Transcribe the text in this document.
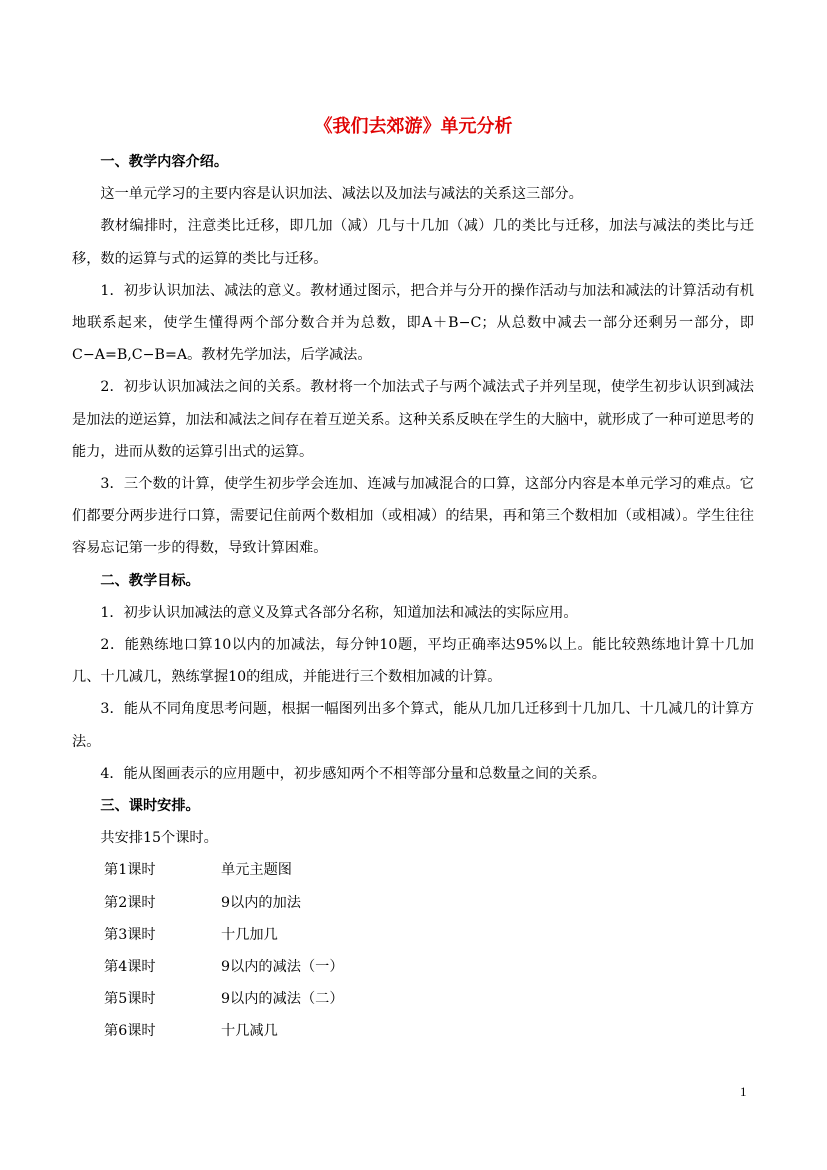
《我们去郊游》单元分析

一、教学内容介绍。

这一单元学习的主要内容是认识加法、减法以及加法与减法的关系这三部分。

教材编排时，注意类比迁移，即几加（减）几与十几加（减）几的类比与迁移，加法与减法的类比与迁移，数的运算与式的运算的类比与迁移。

1．初步认识加法、减法的意义。教材通过图示，把合并与分开的操作活动与加法和减法的计算活动有机地联系起来，使学生懂得两个部分数合并为总数，即A＋B−C；从总数中减去一部分还剩另一部分，即C−A=B,C−B=A。教材先学加法，后学减法。

2．初步认识加减法之间的关系。教材将一个加法式子与两个减法式子并列呈现，使学生初步认识到减法是加法的逆运算，加法和减法之间存在着互逆关系。这种关系反映在学生的大脑中，就形成了一种可逆思考的能力，进而从数的运算引出式的运算。

3．三个数的计算，使学生初步学会连加、连减与加减混合的口算，这部分内容是本单元学习的难点。它们都要分两步进行口算，需要记住前两个数相加（或相减）的结果，再和第三个数相加（或相减）。学生往往容易忘记第一步的得数，导致计算困难。

二、教学目标。

1．初步认识加减法的意义及算式各部分名称，知道加法和减法的实际应用。

2．能熟练地口算10以内的加减法，每分钟10题，平均正确率达95%以上。能比较熟练地计算十几加几、十几减几，熟练掌握10的组成，并能进行三个数相加减的计算。

3．能从不同角度思考问题，根据一幅图列出多个算式，能从几加几迁移到十几加几、十几减几的计算方法。

4．能从图画表示的应用题中，初步感知两个不相等部分量和总数量之间的关系。

三、课时安排。

共安排15个课时。

第1课时	单元主题图
第2课时	9以内的加法
第3课时	十几加几
第4课时	9以内的减法（一）
第5课时	9以内的减法（二）
第6课时	十几减几
1
